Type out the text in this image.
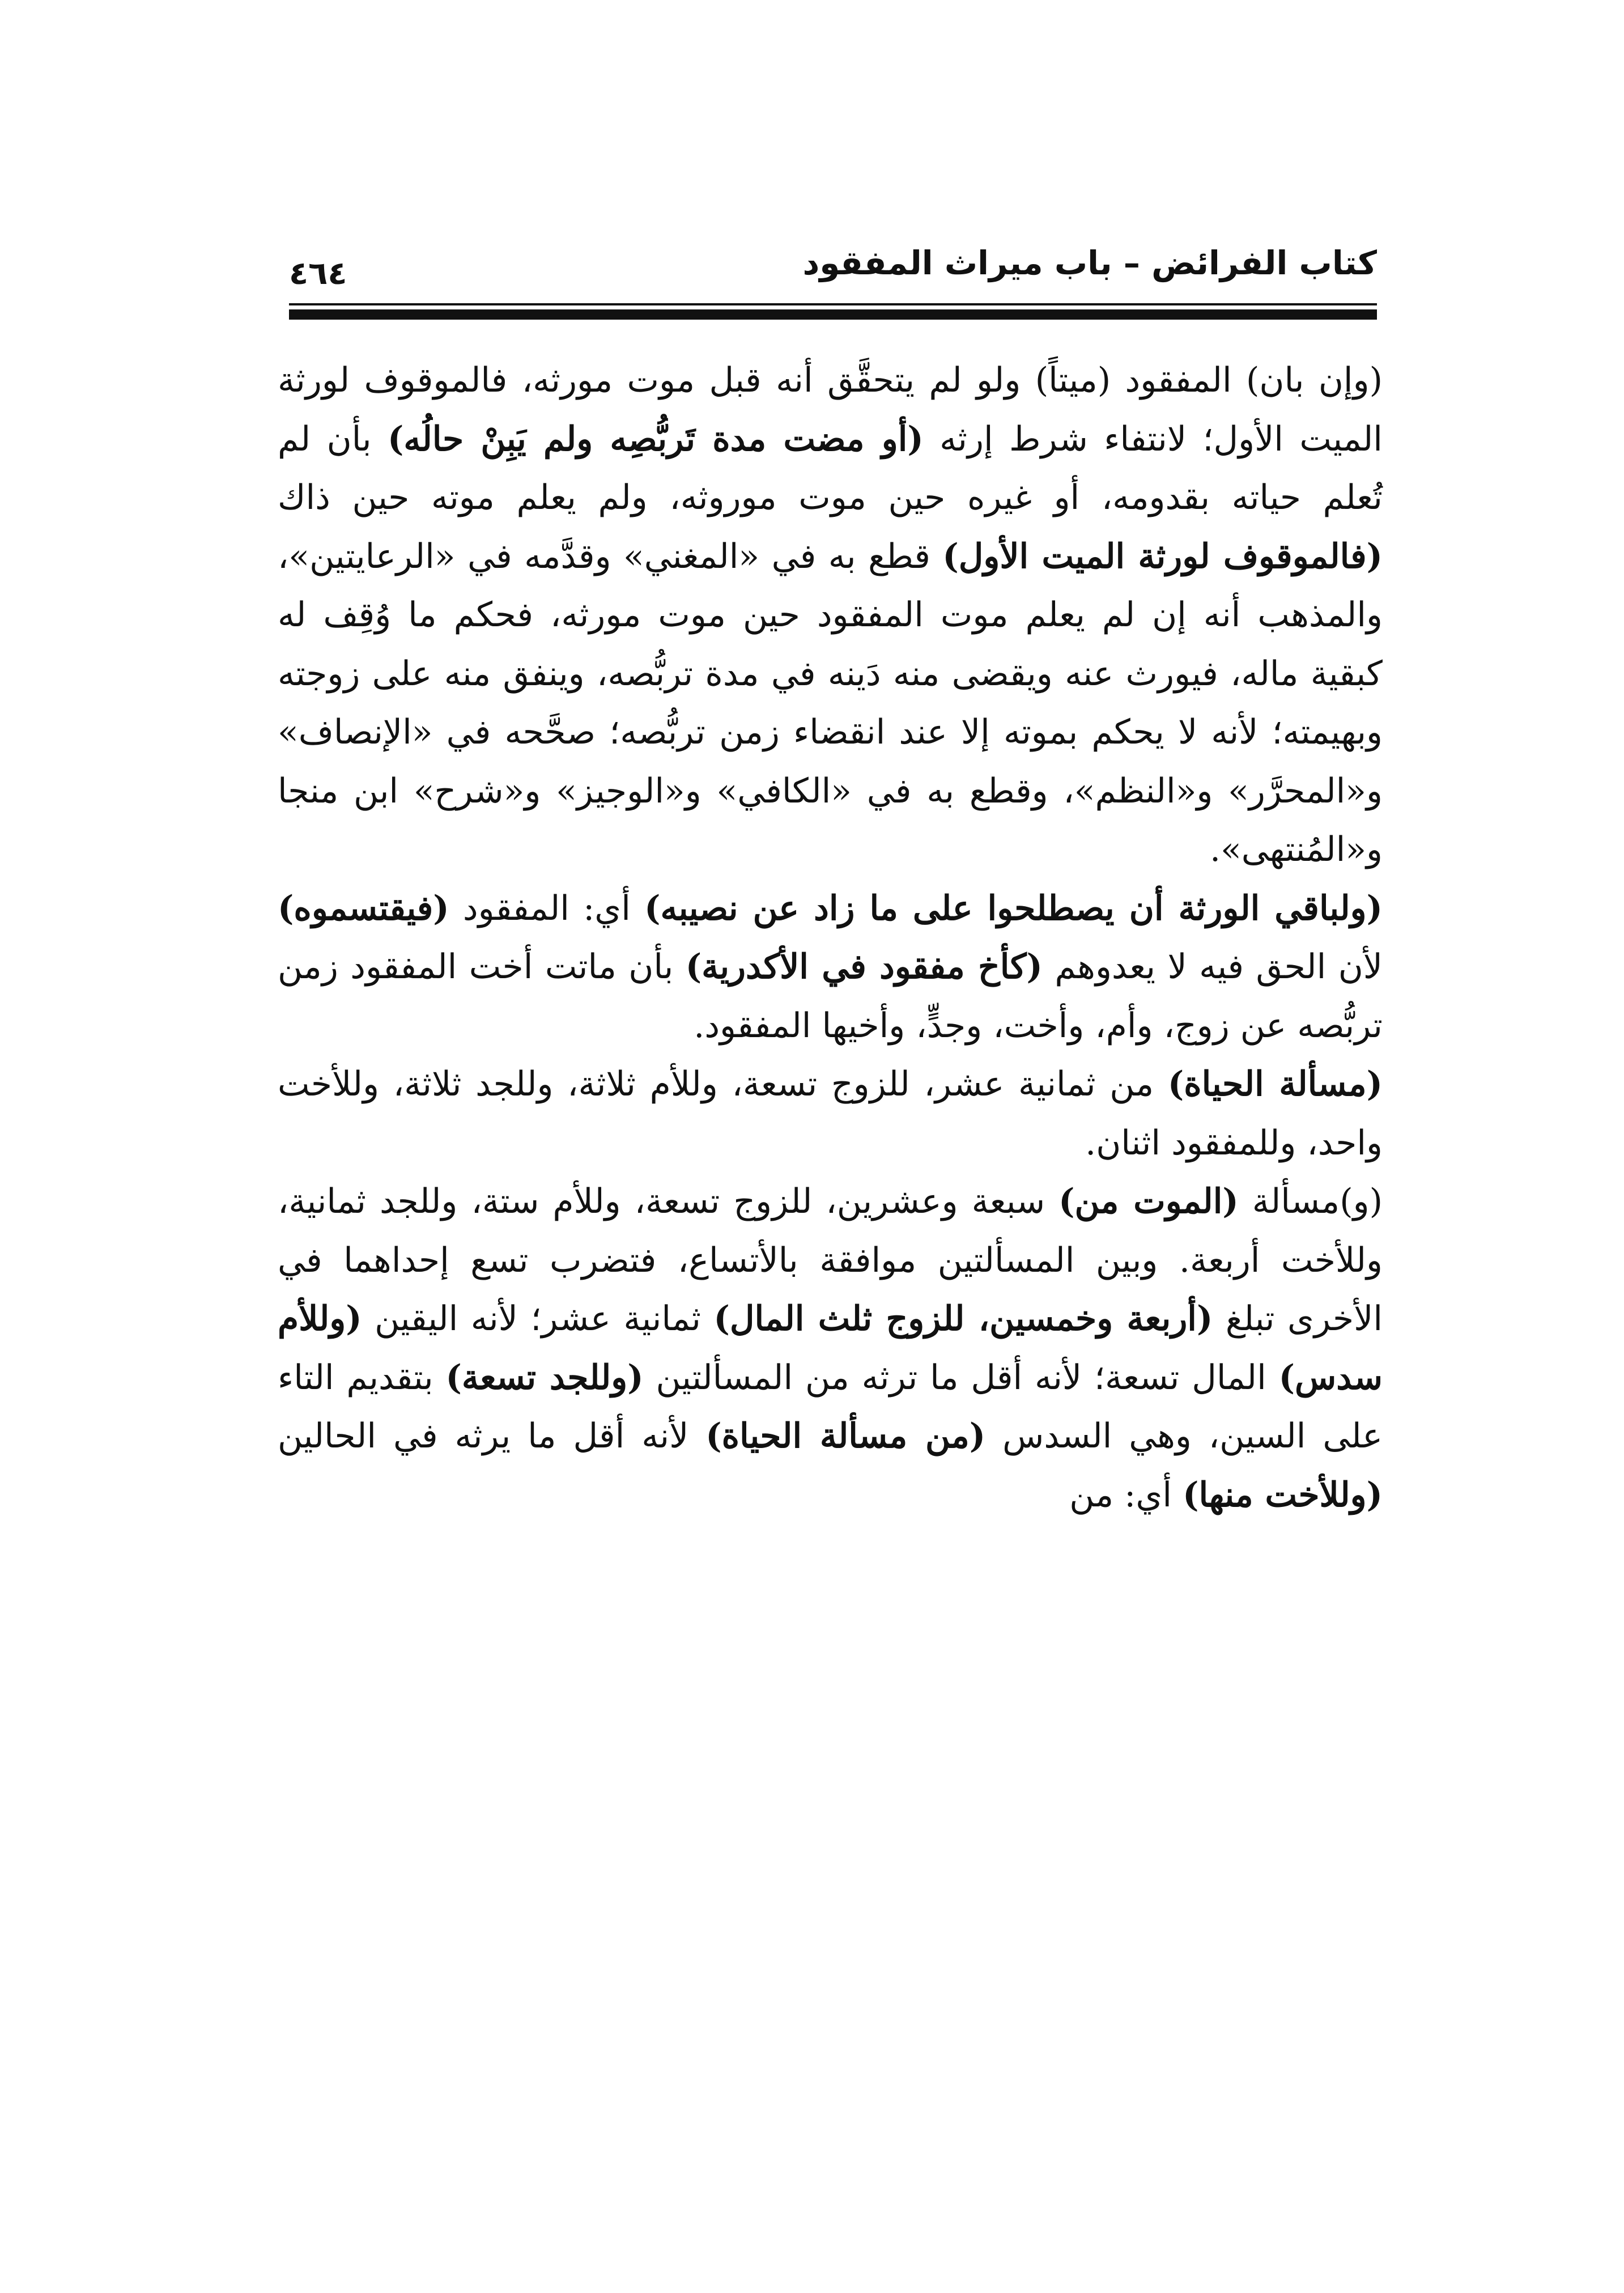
كتاب الفرائض – باب ميراث المفقود
٤٦٤

(وإن بان) المفقود (ميتاً) ولو لم يتحقَّق أنه قبل موت مورثه، فالموقوف لورثة الميت الأول؛ لانتفاء شرط إرثه (أو مضت مدة تَربُّصِه ولم يَبِنْ حالُه) بأن لم تُعلم حياته بقدومه، أو غيره حين موت موروثه، ولم يعلم موته حين ذاك (فالموقوف لورثة الميت الأول) قطع به في «المغني» وقدَّمه في «الرعايتين»، والمذهب أنه إن لم يعلم موت المفقود حين موت مورثه، فحكم ما وُقِف له كبقية ماله، فيورث عنه ويقضى منه دَينه في مدة تربُّصه، وينفق منه على زوجته وبهيمته؛ لأنه لا يحكم بموته إلا عند انقضاء زمن تربُّصه؛ صحَّحه في «الإنصاف» و«المحرَّر» و«النظم»، وقطع به في «الكافي» و«الوجيز» و«شرح» ابن منجا و«المُنتهى».

(ولباقي الورثة أن يصطلحوا على ما زاد عن نصيبه) أي: المفقود (فيقتسموه) لأن الحق فيه لا يعدوهم (كأخ مفقود في الأكدرية) بأن ماتت أخت المفقود زمن تربُّصه عن زوج، وأم، وأخت، وجدٍّ، وأخيها المفقود.

(مسألة الحياة) من ثمانية عشر، للزوج تسعة، وللأم ثلاثة، وللجد ثلاثة، وللأخت واحد، وللمفقود اثنان.

(و)مسألة (الموت من) سبعة وعشرين، للزوج تسعة، وللأم ستة، وللجد ثمانية، وللأخت أربعة. وبين المسألتين موافقة بالأتساع، فتضرب تسع إحداهما في الأخرى تبلغ (أربعة وخمسين، للزوج ثلث المال) ثمانية عشر؛ لأنه اليقين (وللأم سدس) المال تسعة؛ لأنه أقل ما ترثه من المسألتين (وللجد تسعة) بتقديم التاء على السين، وهي السدس (من مسألة الحياة) لأنه أقل ما يرثه في الحالين (وللأخت منها) أي: من
